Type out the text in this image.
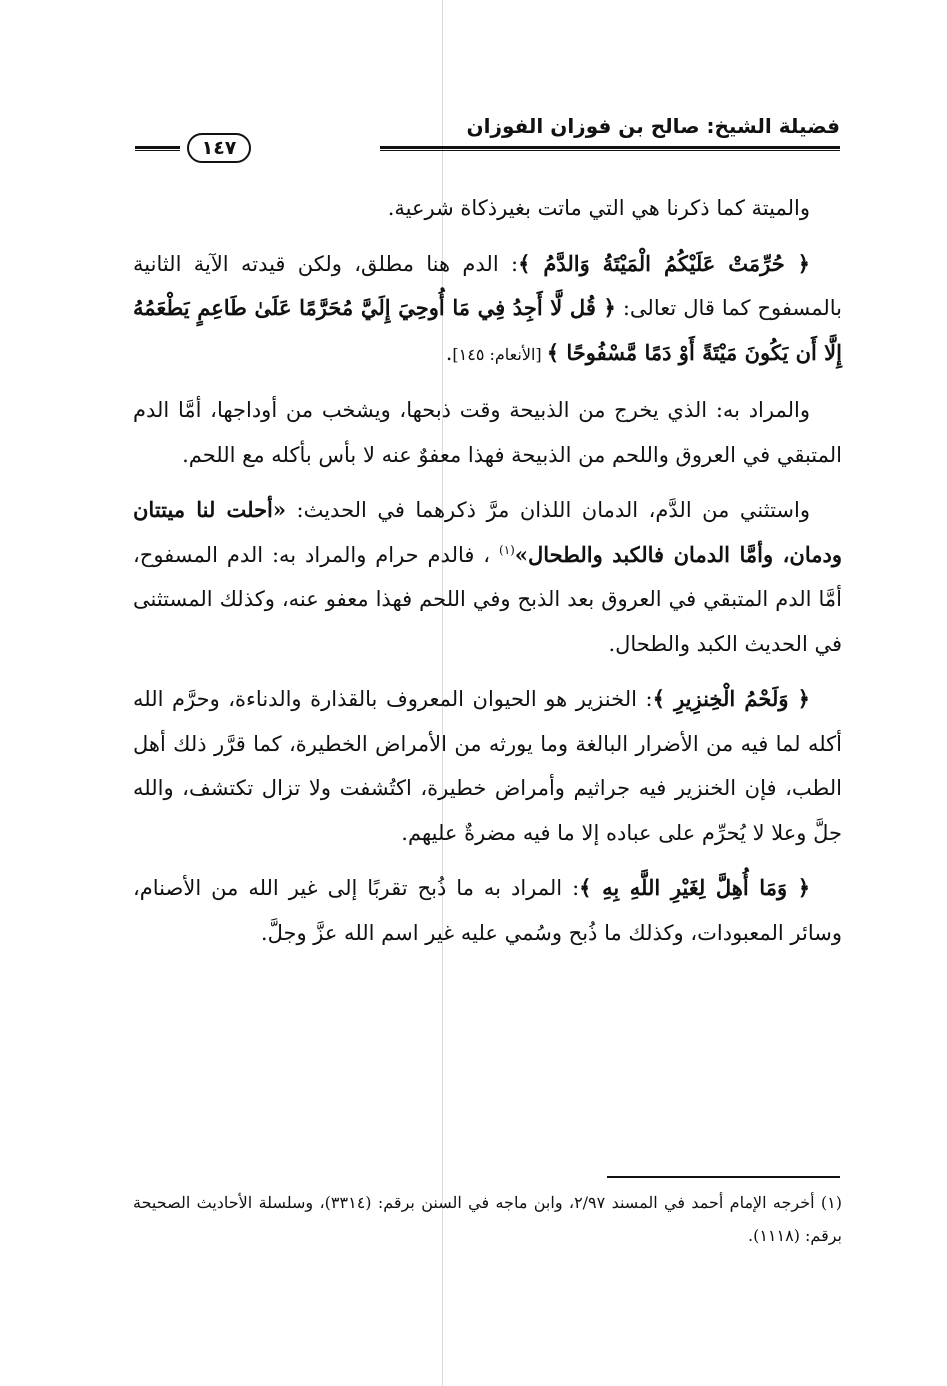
فضيلة الشيخ: صالح بن فوزان الفوزان
١٤٧

والميتة كما ذكرنا هي التي ماتت بغيرذكاة شرعية.

﴿ حُرِّمَتْ عَلَيْكُمُ الْمَيْتَةُ وَالدَّمُ ﴾: الدم هنا مطلق، ولكن قيدته الآية الثانية بالمسفوح كما قال تعالى: ﴿ قُل لَّا أَجِدُ فِي مَا أُوحِيَ إِلَيَّ مُحَرَّمًا عَلَىٰ طَاعِمٍ يَطْعَمُهُ إِلَّا أَن يَكُونَ مَيْتَةً أَوْ دَمًا مَّسْفُوحًا ﴾ [الأنعام: ١٤٥].

والمراد به: الذي يخرج من الذبيحة وقت ذبحها، ويشخب من أوداجها، أمَّا الدم المتبقي في العروق واللحم من الذبيحة فهذا معفوٌ عنه لا بأس بأكله مع اللحم.

واستثني من الدَّم، الدمان اللذان مرَّ ذكرهما في الحديث: «أحلت لنا ميتتان ودمان، وأمَّا الدمان فالكبد والطحال»$^{(١)}$ ، فالدم حرام والمراد به: الدم المسفوح، أمَّا الدم المتبقي في العروق بعد الذبح وفي اللحم فهذا معفو عنه، وكذلك المستثنى في الحديث الكبد والطحال.

﴿ وَلَحْمُ الْخِنزِيرِ ﴾: الخنزير هو الحيوان المعروف بالقذارة والدناءة، وحرَّم الله أكله لما فيه من الأضرار البالغة وما يورثه من الأمراض الخطيرة، كما قرَّر ذلك أهل الطب، فإن الخنزير فيه جراثيم وأمراض خطيرة، اكتُشفت ولا تزال تكتشف، والله جلَّ وعلا لا يُحرِّم على عباده إلا ما فيه مضرةٌ عليهم.

﴿ وَمَا أُهِلَّ لِغَيْرِ اللَّهِ بِهِ ﴾: المراد به ما ذُبح تقربًا إلى غير الله من الأصنام، وسائر المعبودات، وكذلك ما ذُبح وسُمي عليه غير اسم الله عزَّ وجلَّ.

(١) أخرجه الإمام أحمد في المسند ٢/٩٧، وابن ماجه في السنن برقم: (٣٣١٤)، وسلسلة الأحاديث الصحيحة برقم: (١١١٨).
